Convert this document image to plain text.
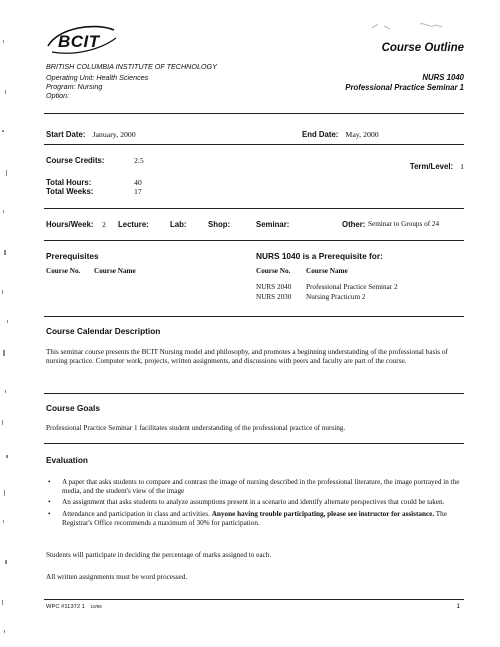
BCIT	Course Outline
BRITISH COLUMBIA INSTITUTE OF TECHNOLOGY
Operating Unit: Health Sciences
Program: Nursing
Option:
NURS 1040
Professional Practice Seminar 1
Start Date: January, 2000	End Date: May, 2000
Course Credits:	2.5
Term/Level: 1
Total Hours:	40
Total Weeks:	17
Hours/Week: 2 Lecture:	Lab:	Shop:	Seminar:	Other: Seminar to Groups of 24
Prerequisites
Course No. Course Name
NURS 1040 is a Prerequisite for:
Course No. Course Name
NURS 2040 Professional Practice Seminar 2
NURS 2030 Nursing Practicum 2
Course Calendar Description
This seminar course presents the BCIT Nursing model and philosophy, and promotes a beginning understanding of the professional basis of nursing practice. Computer work, projects, written assignments, and discussions with peers and faculty are part of the course.
Course Goals
Professional Practice Seminar 1 facilitates student understanding of the professional practice of nursing.
Evaluation
• A paper that asks students to compare and contrast the image of nursing described in the professional literature, the image portrayed in the media, and the student's view of the image
• An assignment that asks students to analyze assumptions present in a scenario and identify alternate perspectives that could be taken.
• Attendance and participation in class and activities. Anyone having trouble participating, please see instructor for assistance. The Registrar's Office recommends a maximum of 30% for participation.
Students will participate in deciding the percentage of marks assigned to each.
All written assignments must be word processed.
WPC #11372 1 10/98	1
